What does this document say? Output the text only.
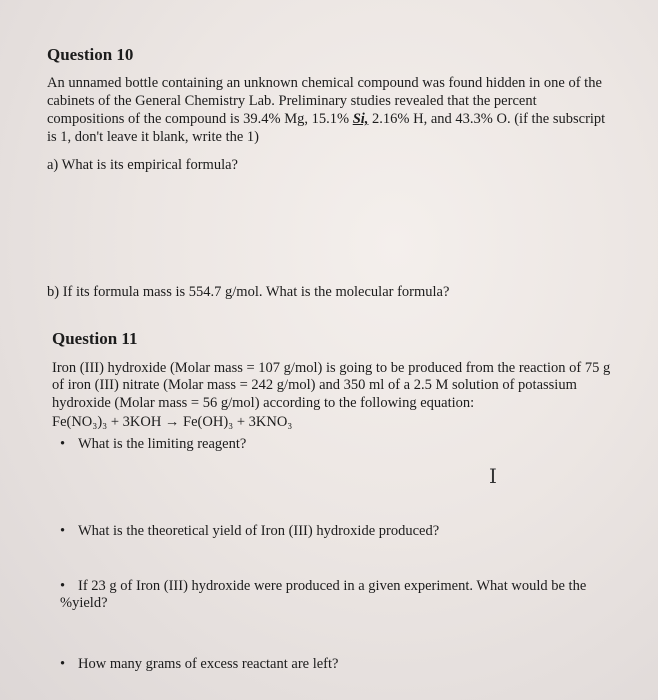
Question 10
An unnamed bottle containing an unknown chemical compound was found hidden in one of the
cabinets of the General Chemistry Lab. Preliminary studies revealed that the percent
compositions of the compound is 39.4% Mg, 15.1% Si, 2.16% H, and 43.3% O. (if the subscript
is 1, don't leave it blank, write the 1)
a) What is its empirical formula?
b) If its formula mass is 554.7 g/mol. What is the molecular formula?
Question 11
Iron (III) hydroxide (Molar mass = 107 g/mol) is going to be produced from the reaction of 75 g
of iron (III) nitrate (Molar mass = 242 g/mol) and 350 ml of a 2.5 M solution of potassium
hydroxide (Molar mass = 56 g/mol) according to the following equation:
Fe(NO₃)₃ + 3KOH → Fe(OH)₃ + 3KNO₃
• What is the limiting reagent?
I
• What is the theoretical yield of Iron (III) hydroxide produced?
• If 23 g of Iron (III) hydroxide were produced in a given experiment. What would be the
%yield?
• How many grams of excess reactant are left?
